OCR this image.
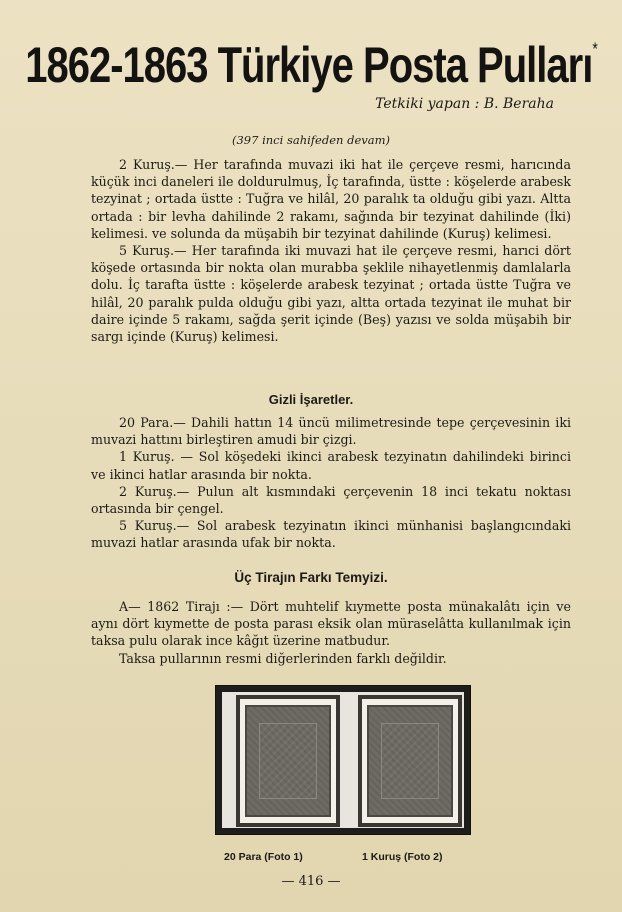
1862-1863 Türkiye Posta Pulları*
Tetkiki yapan : B. Beraha
(397 inci sahifeden devam)

2 Kuruş.— Her tarafında muvazi iki hat ile çerçeve resmi, harıcında küçük inci daneleri ile doldurulmuş, İç tarafında, üstte : köşelerde arabesk tezyinat ; ortada üstte : Tuğra ve hilâl, 20 paralık ta olduğu gibi yazı. Altta ortada : bir levha dahilinde 2 rakamı, sağında bir tezyinat dahilinde (İki) kelimesi. ve solunda da müşabih bir tezyinat dahilinde (Kuruş) kelimesi.

5 Kuruş.— Her tarafında iki muvazi hat ile çerçeve resmi, harıci dört köşede ortasında bir nokta olan murabba şeklile nihayetlenmiş damlalarla dolu. İç tarafta üstte : köşelerde arabesk tezyinat ; ortada üstte Tuğra ve hilâl, 20 paralık pulda olduğu gibi yazı, altta ortada tezyinat ile muhat bir daire içinde 5 rakamı, sağda şerit içinde (Beş) yazısı ve solda müşabih bir sargı içinde (Kuruş) kelimesi.

Gizli İşaretler.

20 Para.— Dahili hattın 14 üncü milimetresinde tepe çerçevesinin iki muvazi hattını birleştiren amudi bir çizgi.

1 Kuruş. — Sol köşedeki ikinci arabesk tezyinatın dahilindeki birinci ve ikinci hatlar arasında bir nokta.

2 Kuruş.— Pulun alt kısmındaki çerçevenin 18 inci tekatu noktası ortasında bir çengel.

5 Kuruş.— Sol arabesk tezyinatın ikinci münhanisi başlangıcındaki muvazi hatlar arasında ufak bir nokta.

Üç Tirajın Farkı Temyizi.

A— 1862 Tirajı :— Dört muhtelif kıymette posta münakalâtı için ve aynı dört kıymette de posta parası eksik olan müraselâtta kullanılmak için taksa pulu olarak ince kâğıt üzerine matbudur.

Taksa pullarının resmi diğerlerinden farklı değildir.

20 Para (Foto 1)	1 Kuruş (Foto 2)
— 416 —
